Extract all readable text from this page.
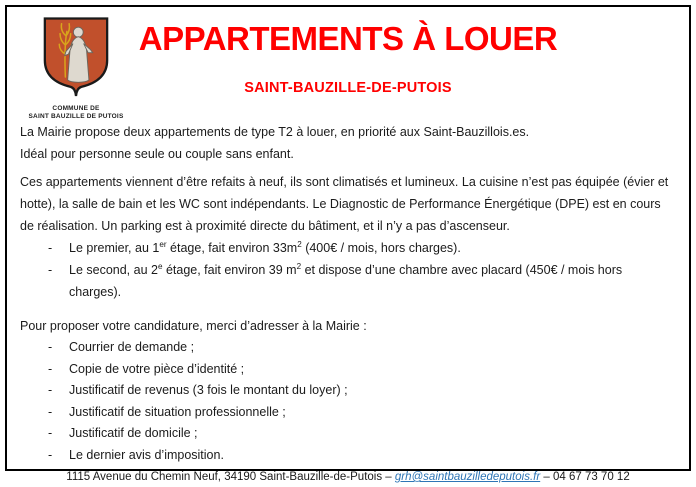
COMMUNE DE
SAINT BAUZILLE DE PUTOIS
APPARTEMENTS À LOUER
SAINT-BAUZILLE-DE-PUTOIS

La Mairie propose deux appartements de type T2 à louer, en priorité aux Saint-Bauzillois.es.
Idéal pour personne seule ou couple sans enfant.

Ces appartements viennent d’être refaits à neuf, ils sont climatisés et lumineux. La cuisine n’est pas équipée (évier et hotte), la salle de bain et les WC sont indépendants. Le Diagnostic de Performance Énergétique (DPE) est en cours de réalisation. Un parking est à proximité directe du bâtiment, et il n’y a pas d’ascenseur.

- Le premier, au 1er étage, fait environ $33m^2$ (400€ / mois, hors charges).
- Le second, au 2e étage, fait environ 39 $m^2$ et dispose d’une chambre avec placard (450€ / mois hors charges).

Pour proposer votre candidature, merci d’adresser à la Mairie :

- Courrier de demande ;
- Copie de votre pièce d’identité ;
- Justificatif de revenus (3 fois le montant du loyer) ;
- Justificatif de situation professionnelle ;
- Justificatif de domicile ;
- Le dernier avis d’imposition.
1115 Avenue du Chemin Neuf, 34190 Saint-Bauzille-de-Putois – grh@saintbauzilledeputois.fr – 04 67 73 70 12
